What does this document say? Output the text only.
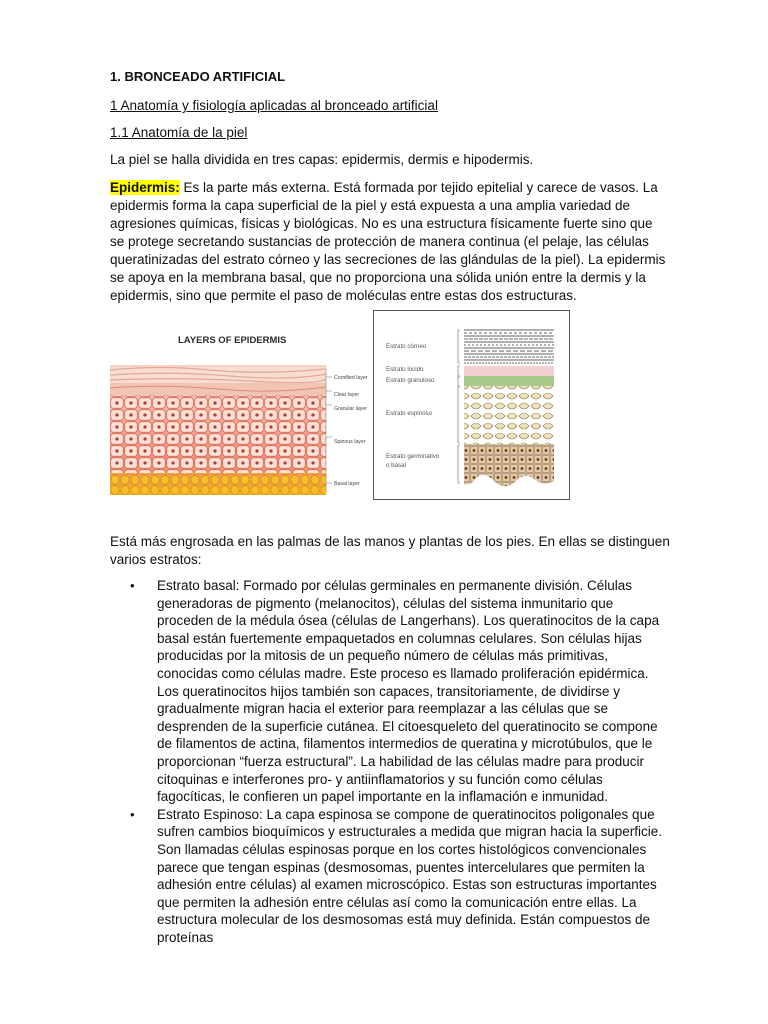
1. BRONCEADO ARTIFICIAL
1 Anatomía y fisiología aplicadas al bronceado artificial
1.1 Anatomía de la piel
La piel se halla dividida en tres capas: epidermis, dermis e hipodermis.
Epidermis: Es la parte más externa. Está formada por tejido epitelial y carece de vasos. La epidermis forma la capa superficial de la piel y está expuesta a una amplia variedad de agresiones químicas, físicas y biológicas. No es una estructura físicamente fuerte sino que se protege secretando sustancias de protección de manera continua (el pelaje, las células queratinizadas del estrato córneo y las secreciones de las glándulas de la piel). La epidermis se apoya en la membrana basal, que no proporciona una sólida unión entre la dermis y la epidermis, sino que permite el paso de moléculas entre estas dos estructuras.
LAYERS OF EPIDERMIS
Cornified layer
Clear layer
Granular layer
Spinous layer
Basal layer
Estrato córneo
Estrato lúcido
Estrato granuloso
Estrato espinoso
Estrato germinativo
o basal
Está más engrosada en las palmas de las manos y plantas de los pies. En ellas se distinguen varios estratos:
• Estrato basal: Formado por células germinales en permanente división. Células generadoras de pigmento (melanocitos), células del sistema inmunitario que proceden de la médula ósea (células de Langerhans). Los queratinocitos de la capa basal están fuertemente empaquetados en columnas celulares. Son células hijas producidas por la mitosis de un pequeño número de células más primitivas, conocidas como células madre. Este proceso es llamado proliferación epidérmica. Los queratinocitos hijos también son capaces, transitoriamente, de dividirse y gradualmente migran hacia el exterior para reemplazar a las células que se desprenden de la superficie cutánea. El citoesqueleto del queratinocito se compone de filamentos de actina, filamentos intermedios de queratina y microtúbulos, que le proporcionan “fuerza estructural”. La habilidad de las células madre para producir citoquinas e interferones pro- y antiinflamatorios y su función como células fagocíticas, le confieren un papel importante en la inflamación e inmunidad.
• Estrato Espinoso: La capa espinosa se compone de queratinocitos poligonales que sufren cambios bioquímicos y estructurales a medida que migran hacia la superficie. Son llamadas células espinosas porque en los cortes histológicos convencionales parece que tengan espinas (desmosomas, puentes intercelulares que permiten la adhesión entre células) al examen microscópico. Estas son estructuras importantes que permiten la adhesión entre células así como la comunicación entre ellas. La estructura molecular de los desmosomas está muy definida. Están compuestos de proteínas
